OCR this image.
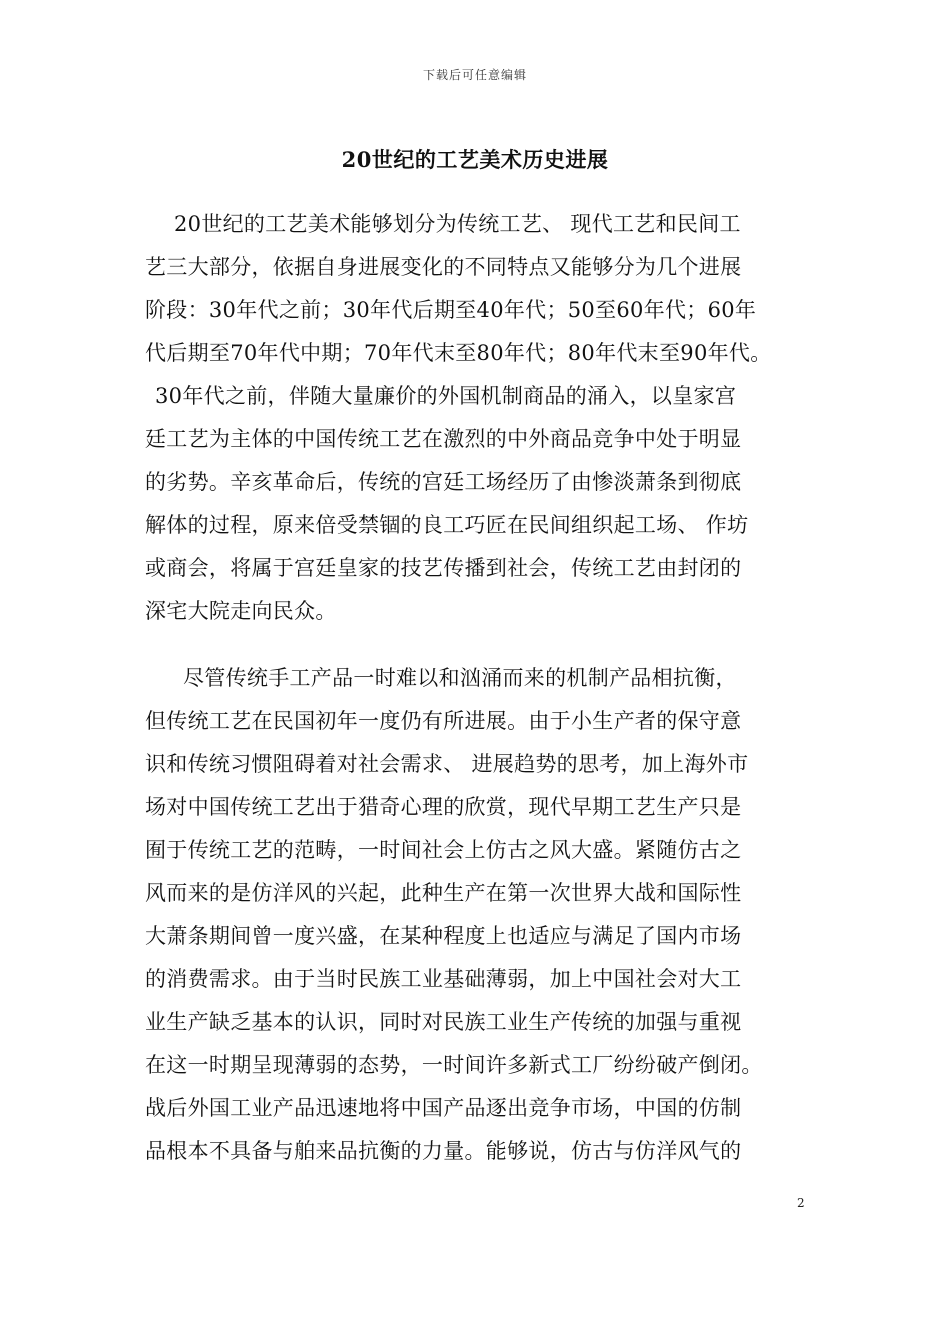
下载后可任意编辑
20世纪的工艺美术历史进展
20世纪的工艺美术能够划分为传统工艺、 现代工艺和民间工
艺三大部分，依据自身进展变化的不同特点又能够分为几个进展
阶段：30年代之前；30年代后期至40年代；50至60年代；60年
代后期至70年代中期；70年代末至80年代；80年代末至90年代。
30年代之前，伴随大量廉价的外国机制商品的涌入，以皇家宫
廷工艺为主体的中国传统工艺在激烈的中外商品竞争中处于明显
的劣势。辛亥革命后，传统的宫廷工场经历了由惨淡萧条到彻底
解体的过程，原来倍受禁锢的良工巧匠在民间组织起工场、 作坊
或商会，将属于宫廷皇家的技艺传播到社会，传统工艺由封闭的
深宅大院走向民众。
尽管传统手工产品一时难以和汹涌而来的机制产品相抗衡，
但传统工艺在民国初年一度仍有所进展。由于小生产者的保守意
识和传统习惯阻碍着对社会需求、 进展趋势的思考，加上海外市
场对中国传统工艺出于猎奇心理的欣赏，现代早期工艺生产只是
囿于传统工艺的范畴，一时间社会上仿古之风大盛。紧随仿古之
风而来的是仿洋风的兴起，此种生产在第一次世界大战和国际性
大萧条期间曾一度兴盛，在某种程度上也适应与满足了国内市场
的消费需求。由于当时民族工业基础薄弱，加上中国社会对大工
业生产缺乏基本的认识，同时对民族工业生产传统的加强与重视
在这一时期呈现薄弱的态势，一时间许多新式工厂纷纷破产倒闭。
战后外国工业产品迅速地将中国产品逐出竞争市场，中国的仿制
品根本不具备与舶来品抗衡的力量。能够说，仿古与仿洋风气的
2
